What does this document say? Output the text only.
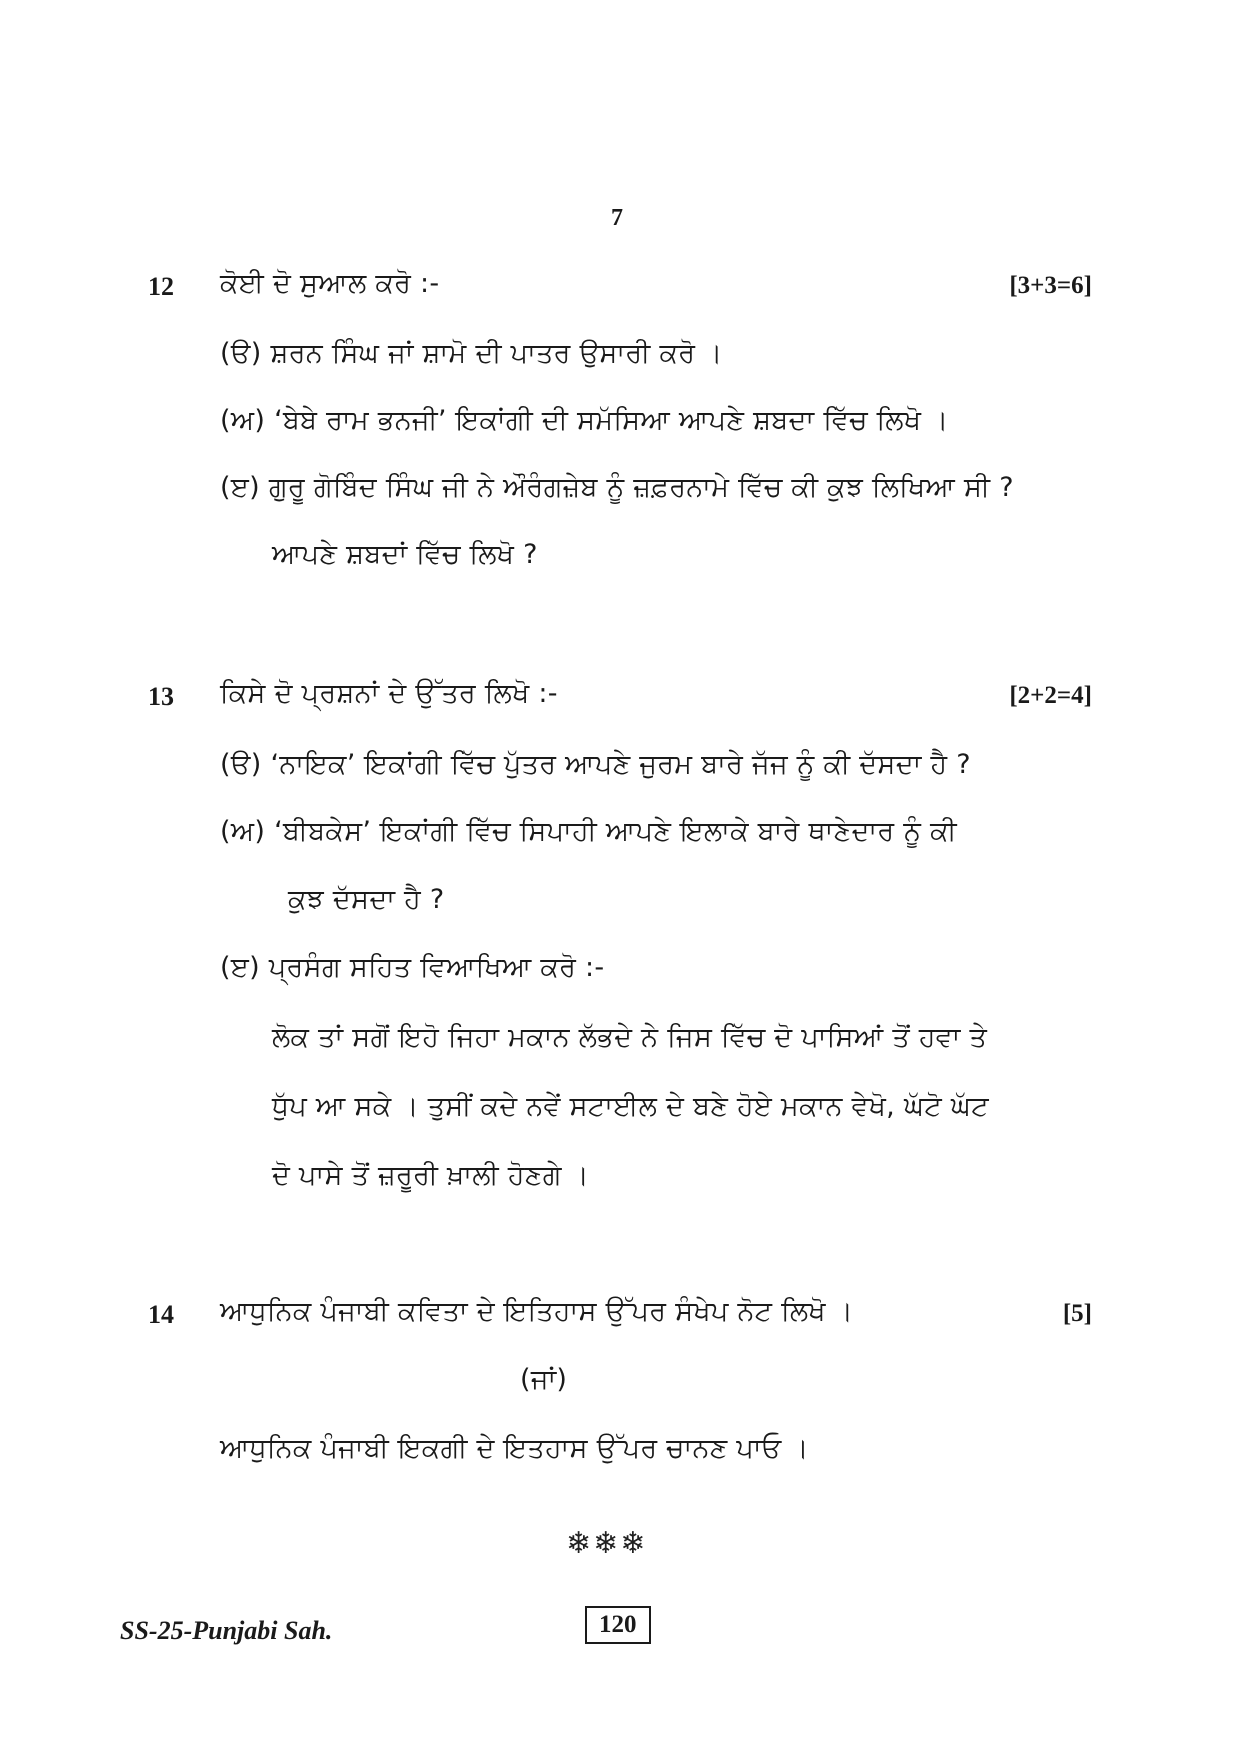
7
12 ਕੋਈ ਦੋ ਸੁਆਲ ਕਰੋ :-	[3+3=6]
(ੳ) ਸ਼ਰਨ ਸਿੰਘ ਜਾਂ ਸ਼ਾਮੋ ਦੀ ਪਾਤਰ ਉਸਾਰੀ ਕਰੋ ।
(ਅ) ‘ਬੇਬੇ ਰਾਮ ਭਨਜੀ’ ਇਕਾਂਗੀ ਦੀ ਸਮੱਸਿਆ ਆਪਣੇ ਸ਼ਬਦਾ ਵਿੱਚ ਲਿਖੋ ।
(ੲ) ਗੁਰੂ ਗੋਬਿੰਦ ਸਿੰਘ ਜੀ ਨੇ ਔਰੰਗਜ਼ੇਬ ਨੂੰ ਜ਼ਫ਼ਰਨਾਮੇ ਵਿੱਚ ਕੀ ਕੁਝ ਲਿਖਿਆ ਸੀ ?
ਆਪਣੇ ਸ਼ਬਦਾਂ ਵਿੱਚ ਲਿਖੋ ?
13 ਕਿਸੇ ਦੋ ਪ੍ਰਸ਼ਨਾਂ ਦੇ ਉੱਤਰ ਲਿਖੋ :-	[2+2=4]
(ੳ) ‘ਨਾਇਕ’ ਇਕਾਂਗੀ ਵਿੱਚ ਪੁੱਤਰ ਆਪਣੇ ਜੁਰਮ ਬਾਰੇ ਜੱਜ ਨੂੰ ਕੀ ਦੱਸਦਾ ਹੈ ?
(ਅ) ‘ਬੀਬਕੇਸ’ ਇਕਾਂਗੀ ਵਿੱਚ ਸਿਪਾਹੀ ਆਪਣੇ ਇਲਾਕੇ ਬਾਰੇ ਥਾਣੇਦਾਰ ਨੂੰ ਕੀ
ਕੁਝ ਦੱਸਦਾ ਹੈ ?
(ੲ) ਪ੍ਰਸੰਗ ਸਹਿਤ ਵਿਆਖਿਆ ਕਰੋ :-
ਲੋਕ ਤਾਂ ਸਗੋਂ ਇਹੋ ਜਿਹਾ ਮਕਾਨ ਲੱਭਦੇ ਨੇ ਜਿਸ ਵਿੱਚ ਦੋ ਪਾਸਿਆਂ ਤੋਂ ਹਵਾ ਤੇ
ਧੁੱਪ ਆ ਸਕੇ । ਤੁਸੀਂ ਕਦੇ ਨਵੇਂ ਸਟਾਈਲ ਦੇ ਬਣੇ ਹੋਏ ਮਕਾਨ ਵੇਖੋ, ਘੱਟੋ ਘੱਟ
ਦੋ ਪਾਸੇ ਤੋਂ ਜ਼ਰੂਰੀ ਖ਼ਾਲੀ ਹੋਣਗੇ ।
14 ਆਧੁਨਿਕ ਪੰਜਾਬੀ ਕਵਿਤਾ ਦੇ ਇਤਿਹਾਸ ਉੱਪਰ ਸੰਖੇਪ ਨੋਟ ਲਿਖੋ ।	[5]
(ਜਾਂ)
ਆਧੁਨਿਕ ਪੰਜਾਬੀ ਇਕਗੀ ਦੇ ਇਤਹਾਸ ਉੱਪਰ ਚਾਨਣ ਪਾਓ ।
❄❄❄
SS-25-Punjabi Sah.	120
